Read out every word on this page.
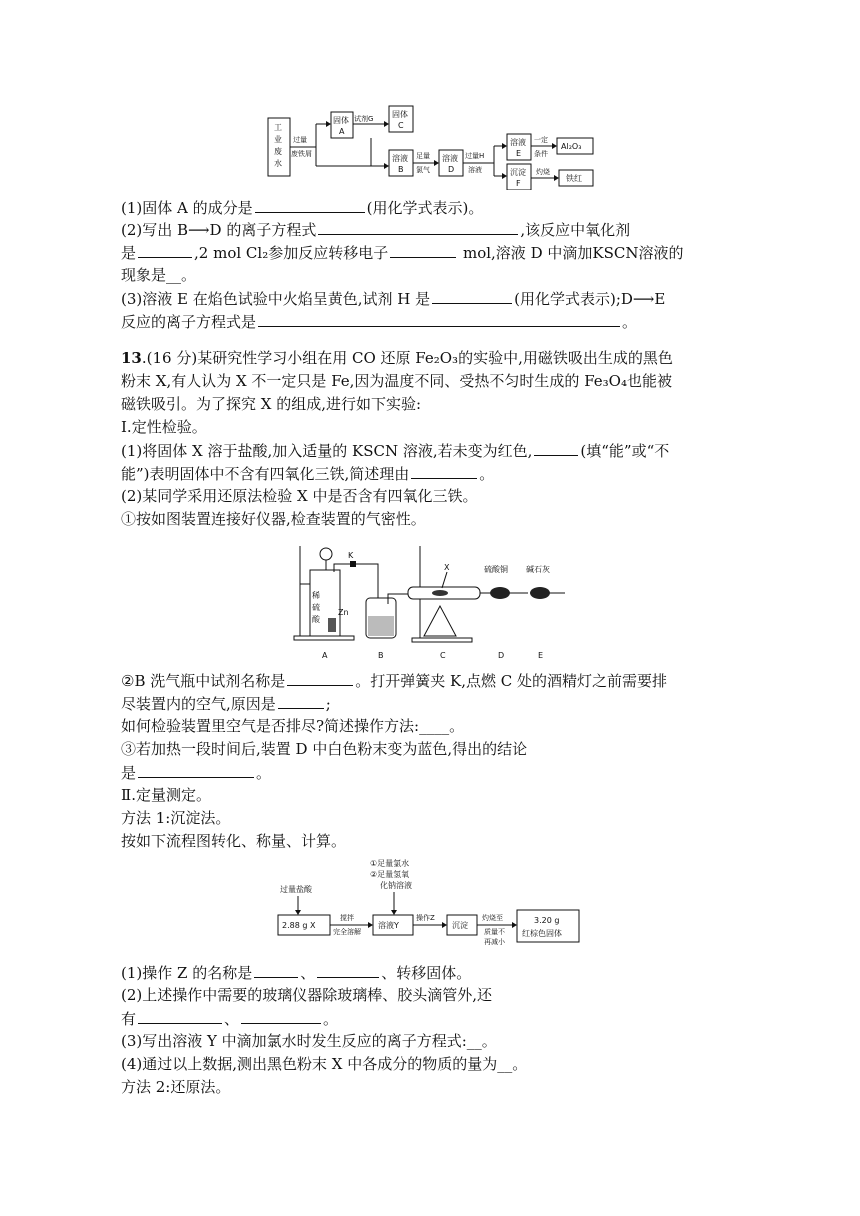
工
业
废
水
过量
废铁屑
固体
A
试剂G 固体
C
溶液
B
足量
氯气
溶液
D
过量H
溶液
溶液
E
一定
条件
Al₂O₃
沉淀
F
灼烧
铁红
(1)固体 A 的成分是	(用化学式表示)。
(2)写出 B⟶D 的离子方程式	,该反应中氧化剂
是	,2 mol Cl₂参加反应转移电子	mol,溶液 D 中滴加KSCN溶液的
现象是__。
(3)溶液 E 在焰色试验中火焰呈黄色,试剂 H 是	(用化学式表示);D⟶E
反应的离子方程式是	。
13.(16 分)某研究性学习小组在用 CO 还原 Fe₂O₃的实验中,用磁铁吸出生成的黑色
粉末 X,有人认为 X 不一定只是 Fe,因为温度不同、受热不匀时生成的 Fe₃O₄也能被
磁铁吸引。为了探究 X 的组成,进行如下实验:
Ⅰ.定性检验。
(1)将固体 X 溶于盐酸,加入适量的 KSCN 溶液,若未变为红色,	(填“能”或“不
能”)表明固体中不含有四氧化三铁,简述理由	。
(2)某同学采用还原法检验 X 中是否含有四氧化三铁。
①按如图装置连接好仪器,检查装置的气密性。
稀
硫
酸
Zn
K
X	硫酸铜 碱石灰
A	B	C	D	E
②B 洗气瓶中试剂名称是	。打开弹簧夹 K,点燃 C 处的酒精灯之前需要排
尽装置内的空气,原因是	;
如何检验装置里空气是否排尽?简述操作方法:____。
③若加热一段时间后,装置 D 中白色粉末变为蓝色,得出的结论
是	。
Ⅱ.定量测定。
方法 1:沉淀法。
按如下流程图转化、称量、计算。
①足量氯水
②足量氢氧
化钠溶液
过量盐酸
2.88 g X
搅拌
完全溶解
溶液Y
操作Z
沉淀
灼烧至
质量不
再减小
3.20 g
红棕色固体
(1)操作 Z 的名称是	、	、转移固体。
(2)上述操作中需要的玻璃仪器除玻璃棒、胶头滴管外,还
有	、	。
(3)写出溶液 Y 中滴加氯水时发生反应的离子方程式:__。
(4)通过以上数据,测出黑色粉末 X 中各成分的物质的量为__。
方法 2:还原法。
